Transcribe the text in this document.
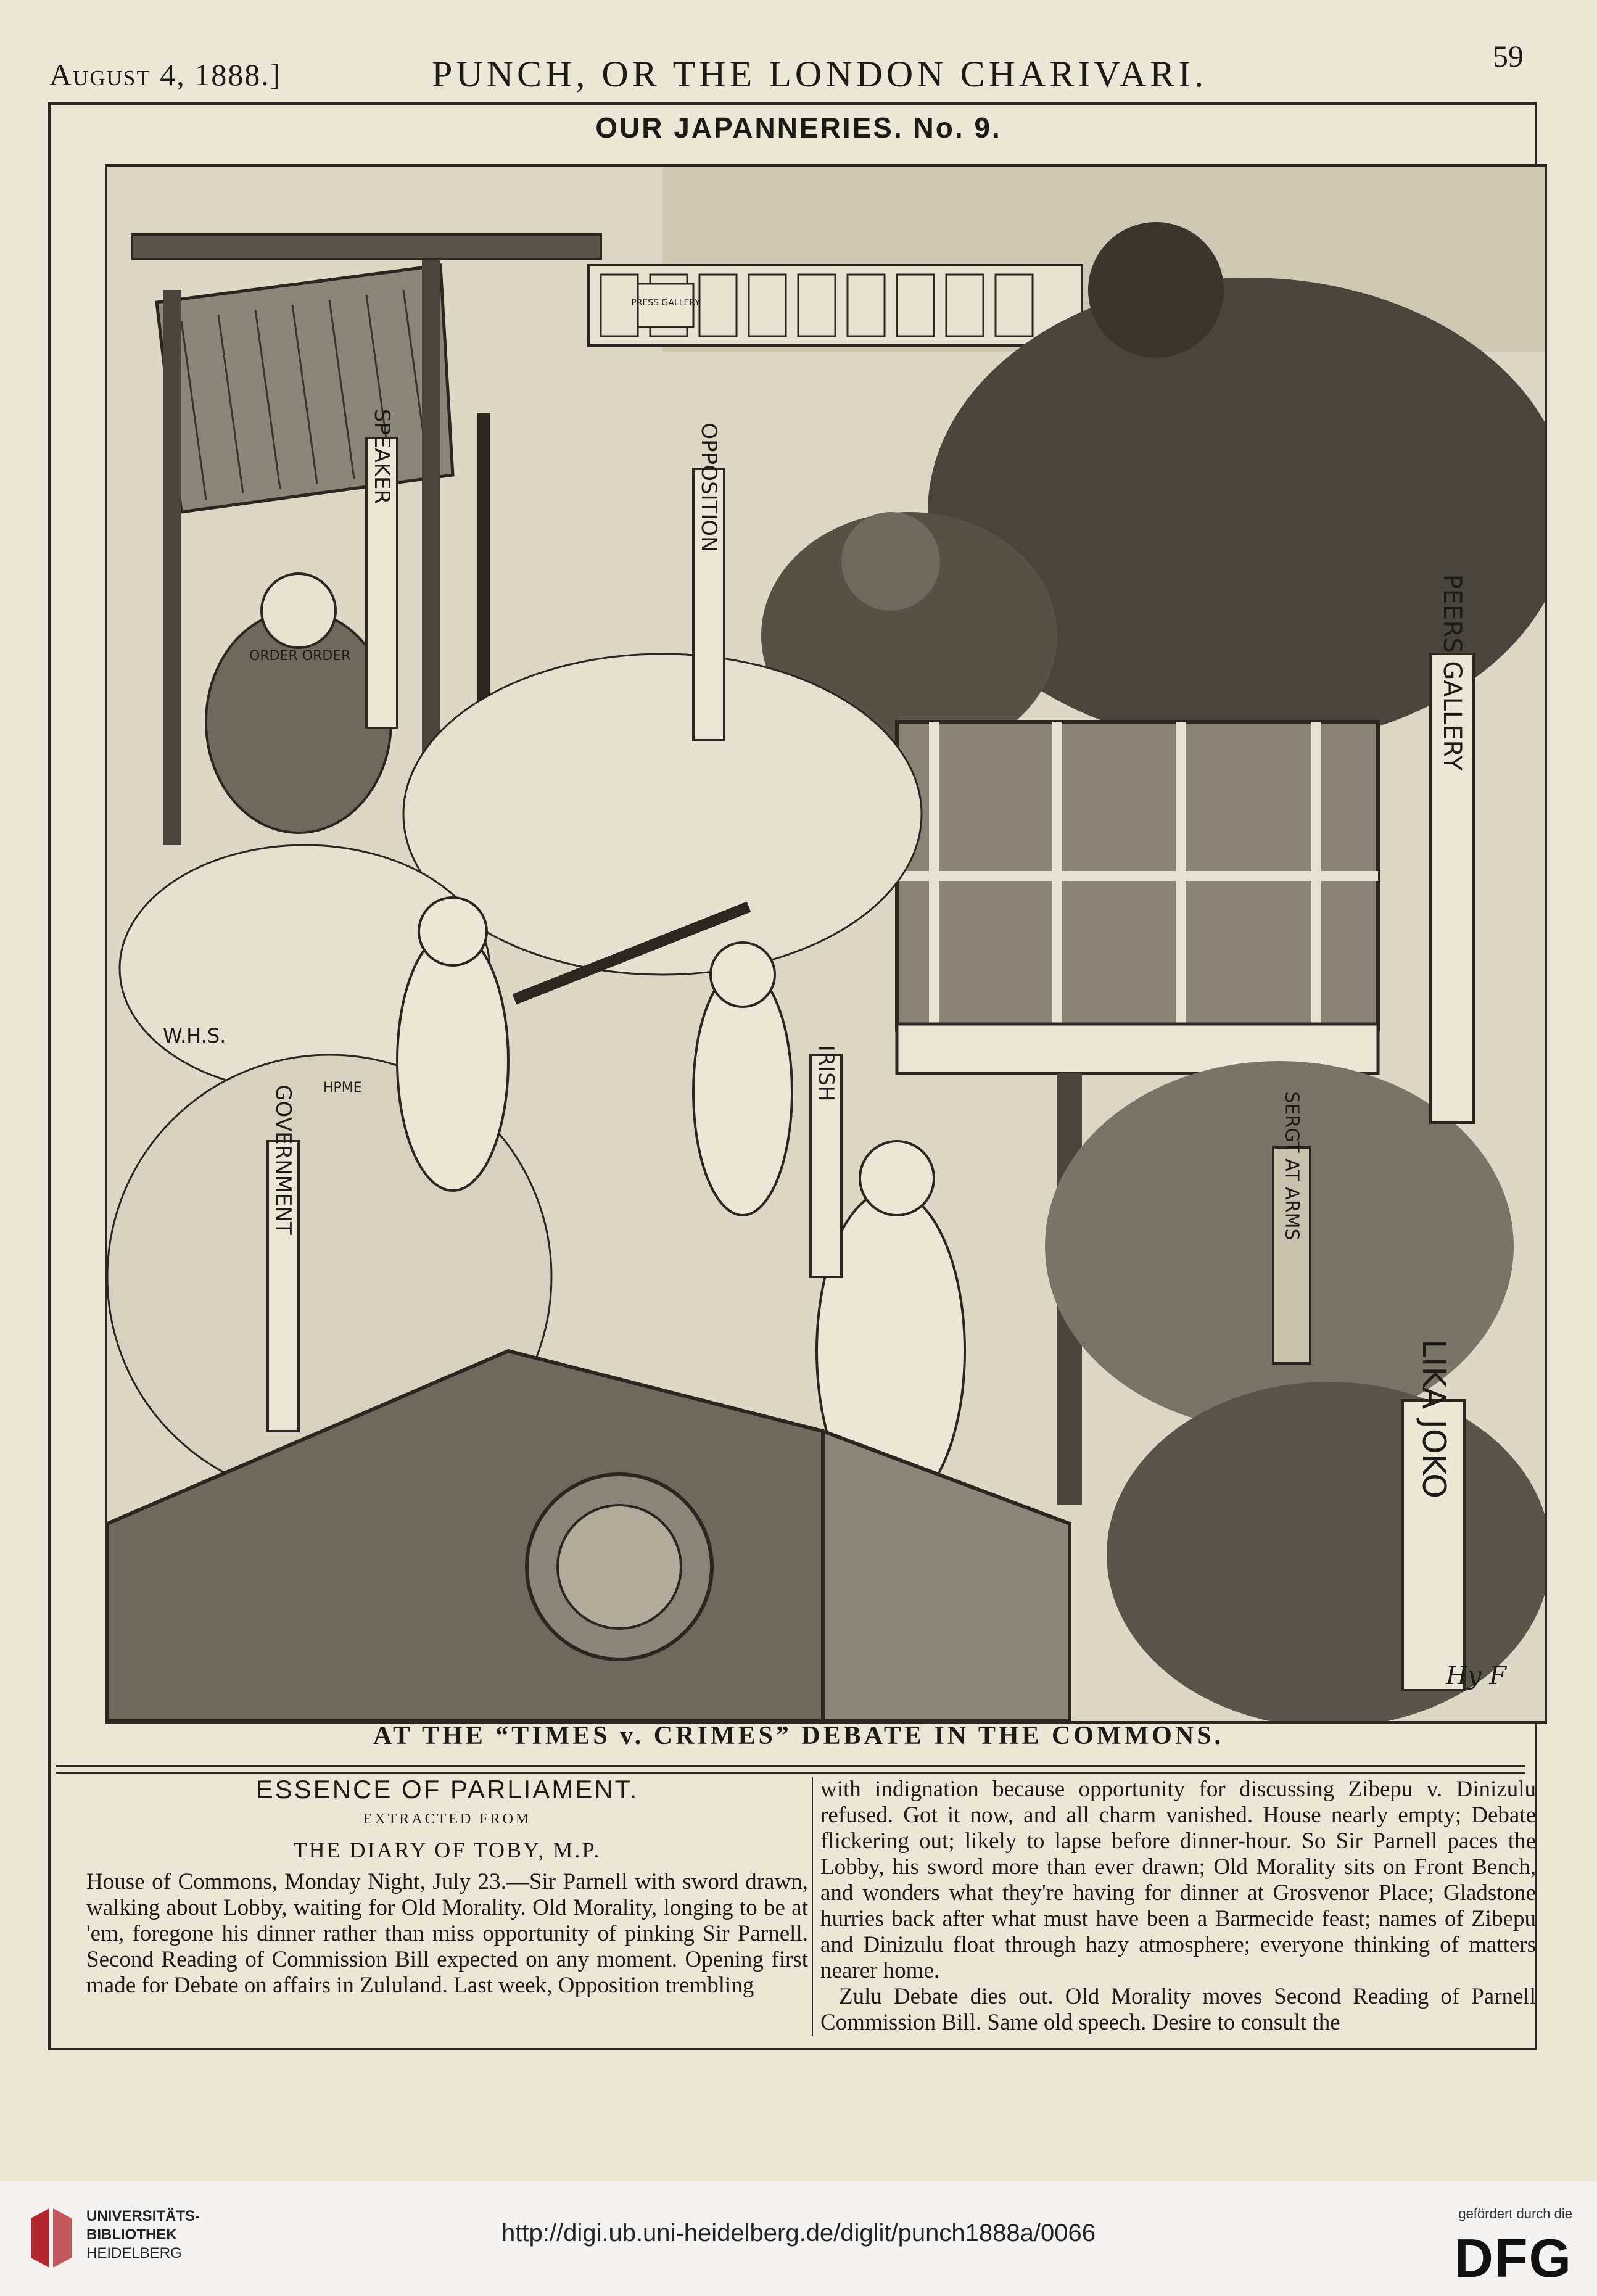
August 4, 1888.]	PUNCH, OR THE LONDON CHARIVARI.	59
OUR JAPANNERIES. No. 9.
SPEAKER	OPPOSITION
PRESS GALLERY
PEERS GALLERY
IRISH
GOVERNMENT	SERGT AT ARMS
LIKA JOKO
ORDER ORDER
W.H.S.
HPME
Hy F
AT THE “TIMES v. CRIMES” DEBATE IN THE COMMONS.
ESSENCE OF PARLIAMENT.
EXTRACTED FROM
THE DIARY OF TOBY, M.P.
House of Commons, Monday Night, July 23.—Sir Parnell with sword drawn, walking about Lobby, waiting for Old Morality. Old Morality, longing to be at 'em, foregone his dinner rather than miss opportunity of pinking Sir Parnell. Second Reading of Commission Bill expected on any moment. Opening first made for Debate on affairs in Zululand. Last week, Opposition trembling
with indignation because opportunity for discussing Zibepu v. Dinizulu refused. Got it now, and all charm vanished. House nearly empty; Debate flickering out; likely to lapse before dinner-hour. So Sir Parnell paces the Lobby, his sword more than ever drawn; Old Morality sits on Front Bench, and wonders what they're having for dinner at Grosvenor Place; Gladstone hurries back after what must have been a Barmecide feast; names of Zibepu and Dinizulu float through hazy atmosphere; everyone thinking of matters nearer home.
Zulu Debate dies out. Old Morality moves Second Reading of Parnell Commission Bill. Same old speech. Desire to consult the
UNIVERSITÄTS-
BIBLIOTHEK
HEIDELBERG
http://digi.ub.uni-heidelberg.de/diglit/punch1888a/0066
gefördert durch die
DFG
